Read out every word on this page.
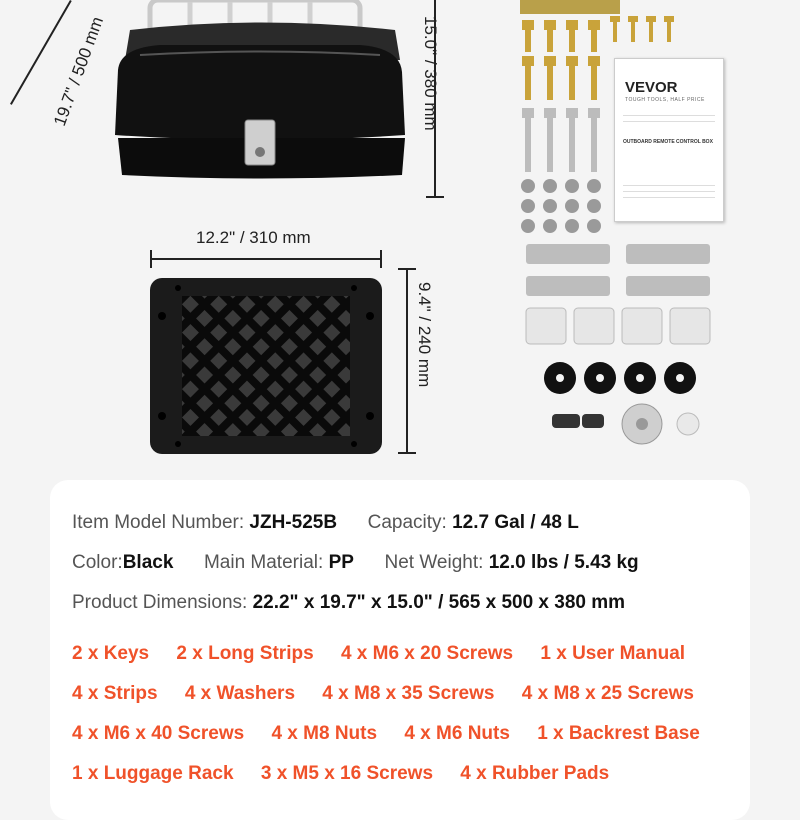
19.7" / 500 mm	15.0" / 380 mm
12.2" / 310 mm
9.4" / 240 mm
VEVOR
TOUGH TOOLS, HALF PRICE
OUTBOARD REMOTE CONTROL BOX
Item Model Number: JZH-525B Capacity: 12.7 Gal / 48 L
Color:Black Main Material: PP Net Weight: 12.0 lbs / 5.43 kg
Product Dimensions: 22.2" x 19.7" x 15.0" / 565 x 500 x 380 mm
2 x Keys 2 x Long Strips 4 x M6 x 20 Screws 1 x User Manual
4 x Strips 4 x Washers 4 x M8 x 35 Screws 4 x M8 x 25 Screws
4 x M6 x 40 Screws 4 x M8 Nuts 4 x M6 Nuts 1 x Backrest Base
1 x Luggage Rack 3 x M5 x 16 Screws 4 x Rubber Pads
